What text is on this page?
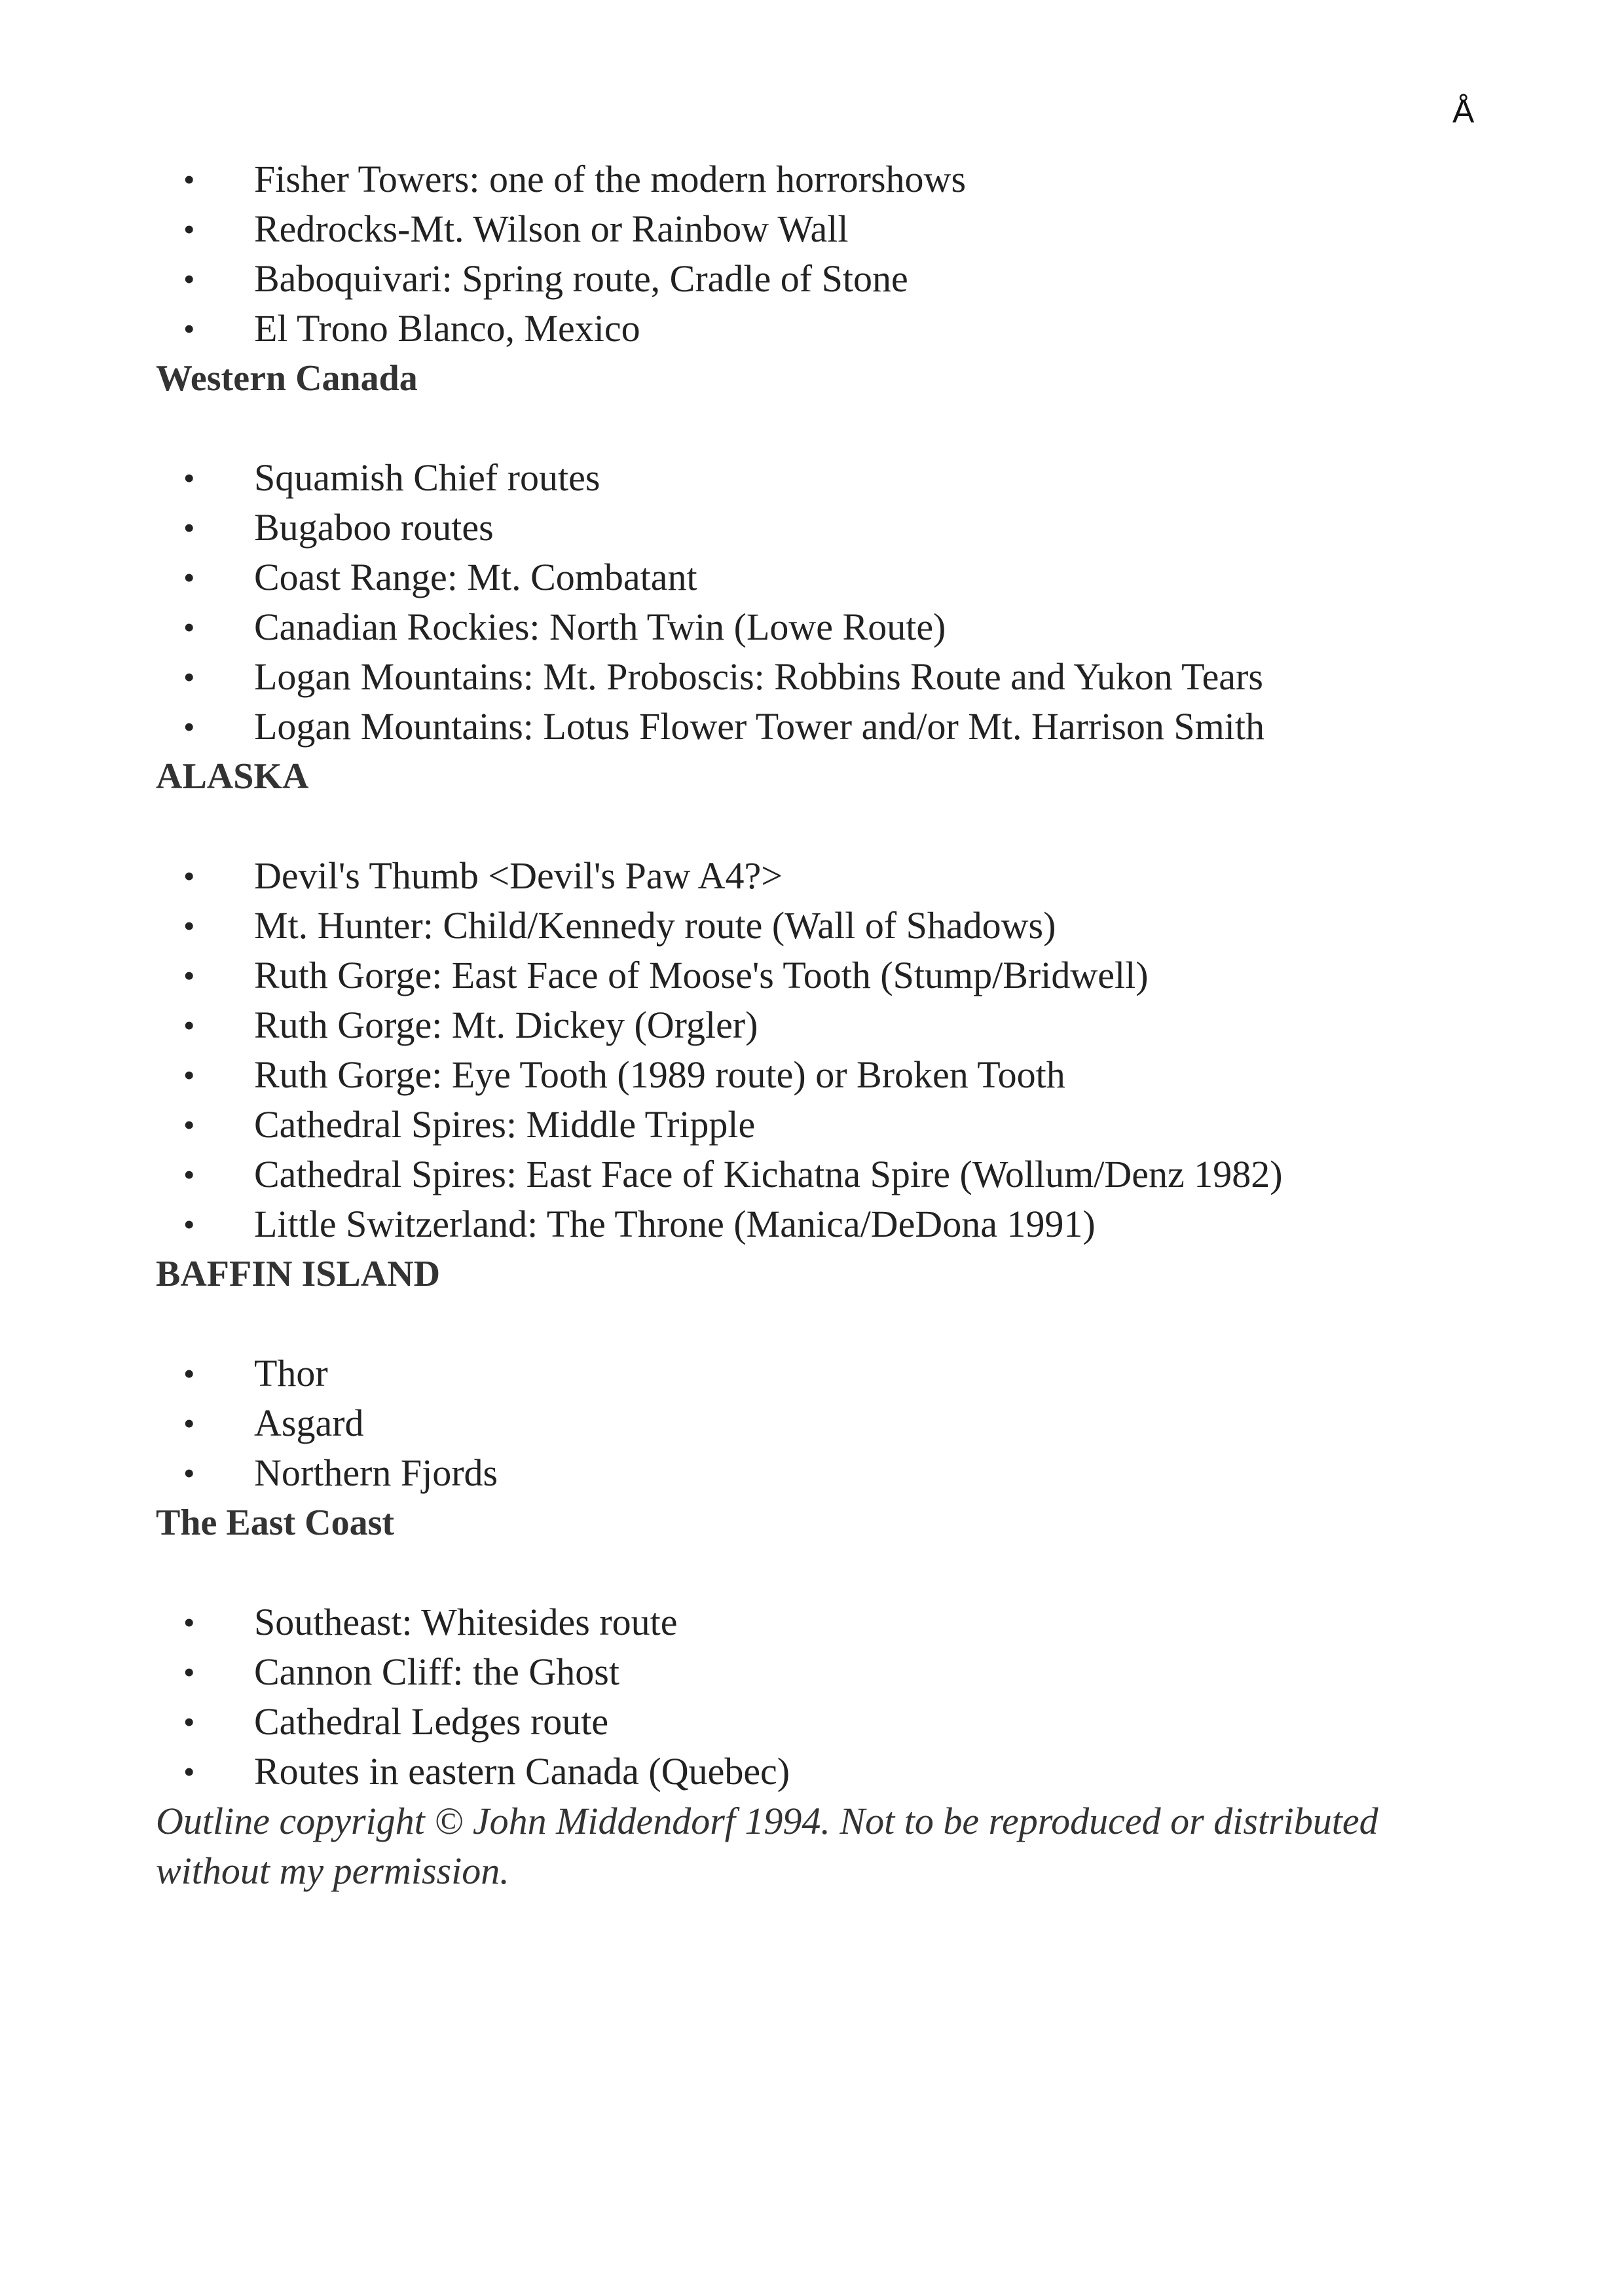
Å
• Fisher Towers: one of the modern horrorshows
• Redrocks-Mt. Wilson or Rainbow Wall
• Baboquivari: Spring route, Cradle of Stone
• El Trono Blanco, Mexico
Western Canada
• Squamish Chief routes
• Bugaboo routes
• Coast Range: Mt. Combatant
• Canadian Rockies: North Twin (Lowe Route)
• Logan Mountains: Mt. Proboscis: Robbins Route and Yukon Tears
• Logan Mountains: Lotus Flower Tower and/or Mt. Harrison Smith
ALASKA
• Devil's Thumb <Devil's Paw A4?>
• Mt. Hunter: Child/Kennedy route (Wall of Shadows)
• Ruth Gorge: East Face of Moose's Tooth (Stump/Bridwell)
• Ruth Gorge: Mt. Dickey (Orgler)
• Ruth Gorge: Eye Tooth (1989 route) or Broken Tooth
• Cathedral Spires: Middle Tripple
• Cathedral Spires: East Face of Kichatna Spire (Wollum/Denz 1982)
• Little Switzerland: The Throne (Manica/DeDona 1991)
BAFFIN ISLAND
• Thor
• Asgard
• Northern Fjords
The East Coast
• Southeast: Whitesides route
• Cannon Cliff: the Ghost
• Cathedral Ledges route
• Routes in eastern Canada (Quebec)
Outline copyright © John Middendorf 1994. Not to be reproduced or distributed without my permission.
